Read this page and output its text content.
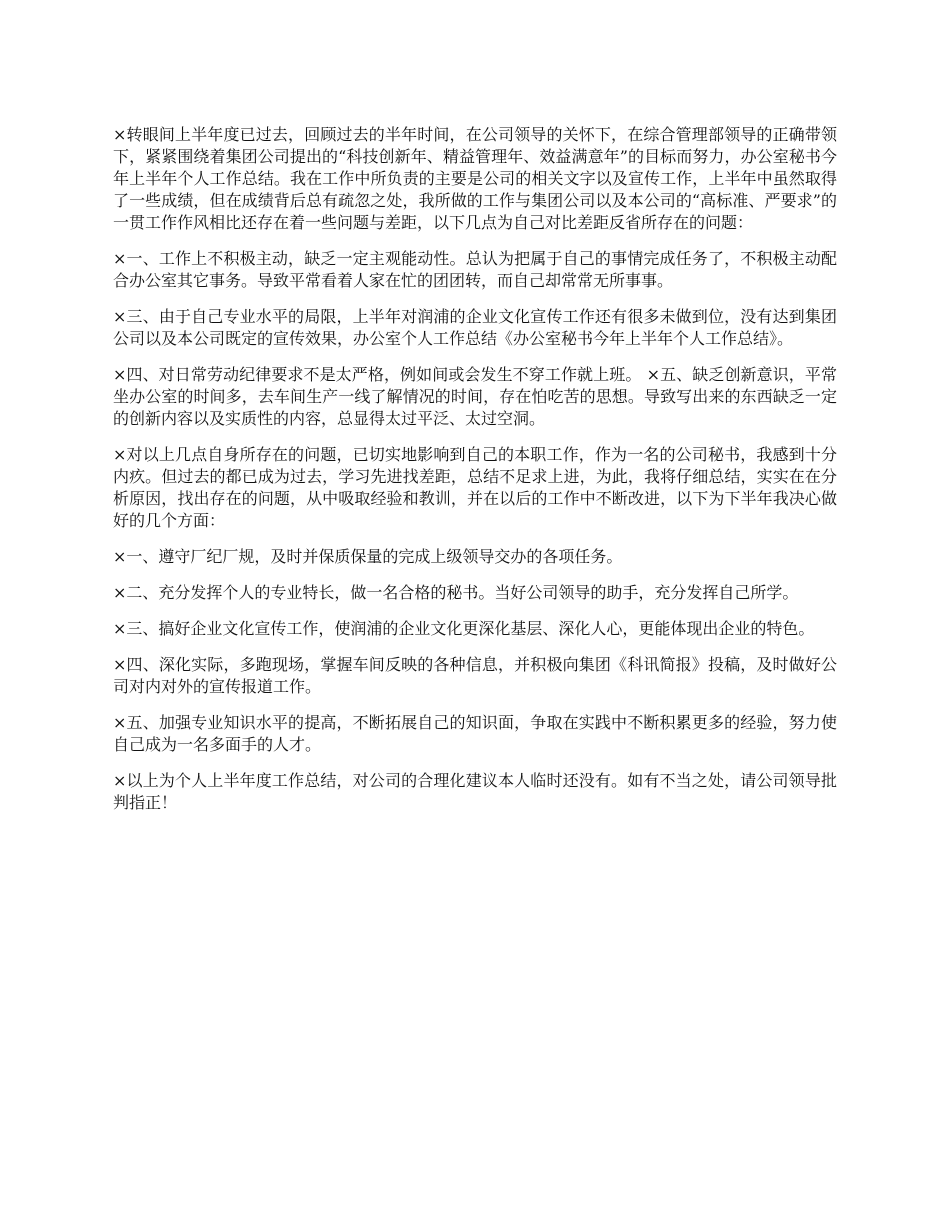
×转眼间上半年度已过去，回顾过去的半年时间，在公司领导的关怀下，在综合管理部领导的正确带领下，紧紧围绕着集团公司提出的“科技创新年、精益管理年、效益满意年”的目标而努力，办公室秘书今年上半年个人工作总结。我在工作中所负责的主要是公司的相关文字以及宣传工作，上半年中虽然取得了一些成绩，但在成绩背后总有疏忽之处，我所做的工作与集团公司以及本公司的“高标准、严要求”的一贯工作作风相比还存在着一些问题与差距，以下几点为自己对比差距反省所存在的问题：

×一、工作上不积极主动，缺乏一定主观能动性。总认为把属于自己的事情完成任务了，不积极主动配合办公室其它事务。导致平常看着人家在忙的团团转，而自己却常常无所事事。

×三、由于自己专业水平的局限，上半年对润浦的企业文化宣传工作还有很多未做到位，没有达到集团公司以及本公司既定的宣传效果，办公室个人工作总结《办公室秘书今年上半年个人工作总结》。

×四、对日常劳动纪律要求不是太严格，例如间或会发生不穿工作就上班。 ×五、缺乏创新意识，平常坐办公室的时间多，去车间生产一线了解情况的时间，存在怕吃苦的思想。导致写出来的东西缺乏一定的创新内容以及实质性的内容，总显得太过平泛、太过空洞。

×对以上几点自身所存在的问题，已切实地影响到自己的本职工作，作为一名的公司秘书，我感到十分内疚。但过去的都已成为过去，学习先进找差距，总结不足求上进，为此，我将仔细总结，实实在在分析原因，找出存在的问题，从中吸取经验和教训，并在以后的工作中不断改进，以下为下半年我决心做好的几个方面：

×一、遵守厂纪厂规，及时并保质保量的完成上级领导交办的各项任务。

×二、充分发挥个人的专业特长，做一名合格的秘书。当好公司领导的助手，充分发挥自己所学。

×三、搞好企业文化宣传工作，使润浦的企业文化更深化基层、深化人心，更能体现出企业的特色。

×四、深化实际，多跑现场，掌握车间反映的各种信息，并积极向集团《科讯简报》投稿，及时做好公司对内对外的宣传报道工作。

×五、加强专业知识水平的提高，不断拓展自己的知识面，争取在实践中不断积累更多的经验，努力使自己成为一名多面手的人才。

×以上为个人上半年度工作总结，对公司的合理化建议本人临时还没有。如有不当之处，请公司领导批判指正！
